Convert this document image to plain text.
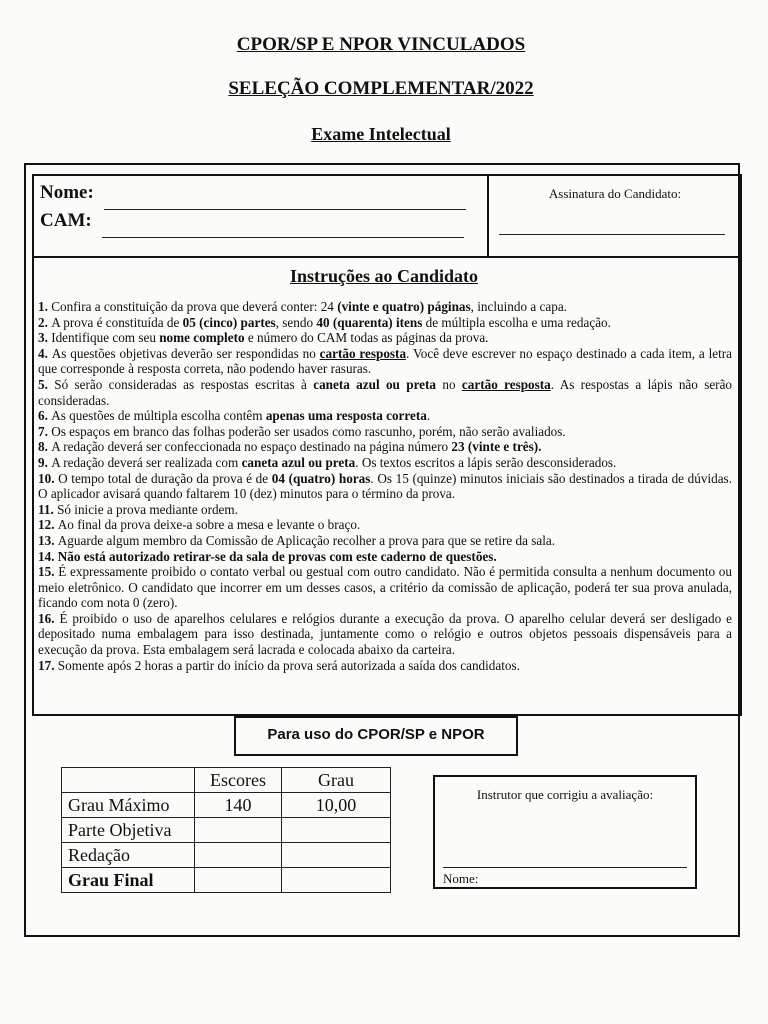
CPOR/SP E NPOR VINCULADOS
SELEÇÃO COMPLEMENTAR/2022
Exame Intelectual
Nome:
CAM:
Assinatura do Candidato:
Instruções ao Candidato

1. Confira a constituição da prova que deverá conter: 24 (vinte e quatro) páginas, incluindo a capa.

2. A prova é constituída de 05 (cinco) partes, sendo 40 (quarenta) itens de múltipla escolha e uma redação.

3. Identifique com seu nome completo e número do CAM todas as páginas da prova.

4. As questões objetivas deverão ser respondidas no cartão resposta. Você deve escrever no espaço destinado a cada item, a letra que corresponde à resposta correta, não podendo haver rasuras.

5. Só serão consideradas as respostas escritas à caneta azul ou preta no cartão resposta. As respostas a lápis não serão consideradas.

6. As questões de múltipla escolha contêm apenas uma resposta correta.

7. Os espaços em branco das folhas poderão ser usados como rascunho, porém, não serão avaliados.

8. A redação deverá ser confeccionada no espaço destinado na página número 23 (vinte e três).

9. A redação deverá ser realizada com caneta azul ou preta. Os textos escritos a lápis serão desconsiderados.

10. O tempo total de duração da prova é de 04 (quatro) horas. Os 15 (quinze) minutos iniciais são destinados a tirada de dúvidas. O aplicador avisará quando faltarem 10 (dez) minutos para o término da prova.

11. Só inicie a prova mediante ordem.

12. Ao final da prova deixe-a sobre a mesa e levante o braço.

13. Aguarde algum membro da Comissão de Aplicação recolher a prova para que se retire da sala.

14. Não está autorizado retirar-se da sala de provas com este caderno de questões.

15. É expressamente proibido o contato verbal ou gestual com outro candidato. Não é permitida consulta a nenhum documento ou meio eletrônico. O candidato que incorrer em um desses casos, a critério da comissão de aplicação, poderá ter sua prova anulada, ficando com nota 0 (zero).

16. É proibido o uso de aparelhos celulares e relógios durante a execução da prova. O aparelho celular deverá ser desligado e depositado numa embalagem para isso destinada, juntamente como o relógio e outros objetos pessoais dispensáveis para a execução da prova. Esta embalagem será lacrada e colocada abaixo da carteira.

17. Somente após 2 horas a partir do início da prova será autorizada a saída dos candidatos.

Para uso do CPOR/SP e NPOR
	Escores	Grau
Grau Máximo	140	10,00
Parte Objetiva		
Redação		
Grau Final		
Instrutor que corrigiu a avaliação:
Nome:
